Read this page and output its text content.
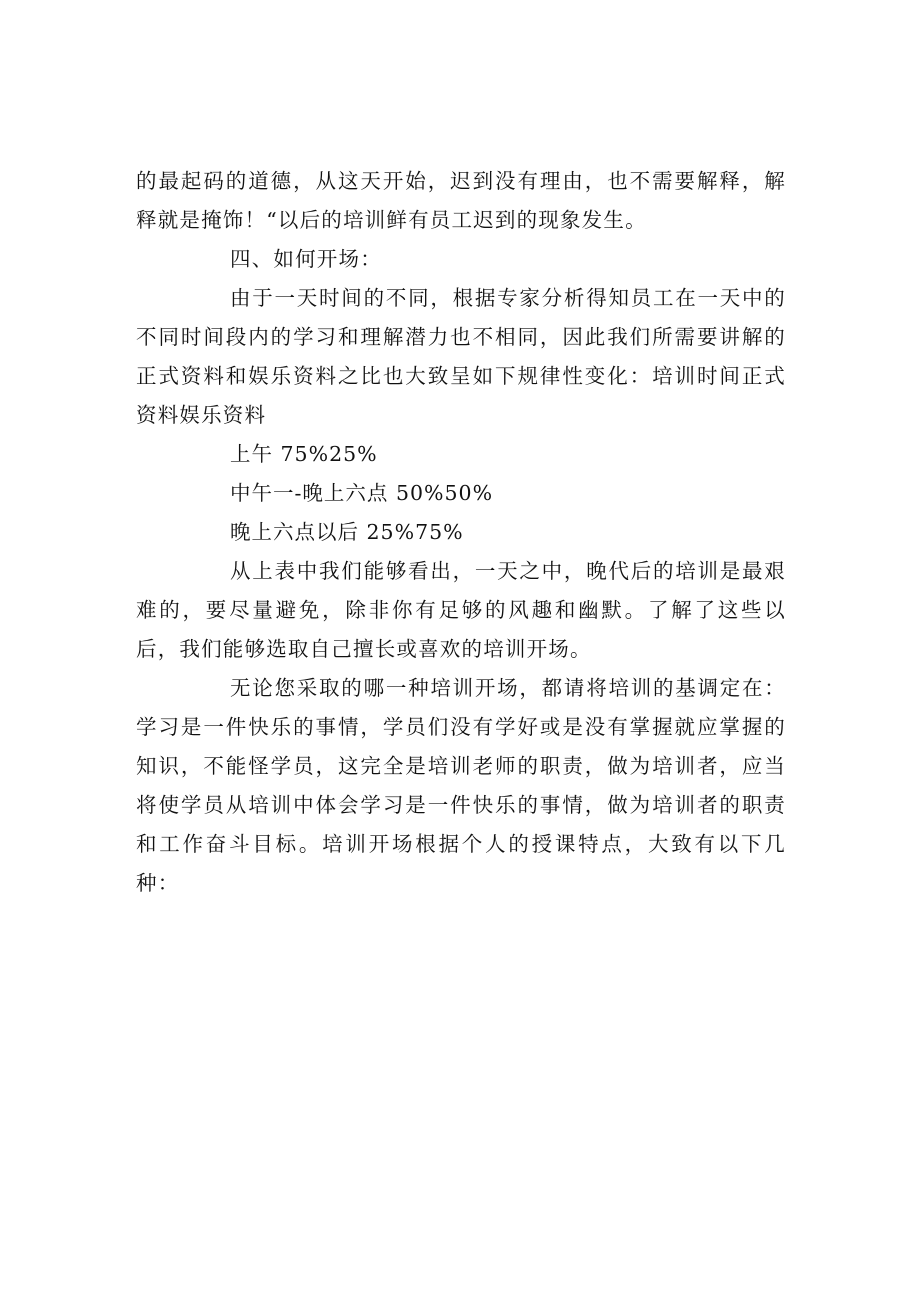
的最起码的道德，从这天开始，迟到没有理由，也不需要解释，解释就是掩饰！“以后的培训鲜有员工迟到的现象发生。

四、如何开场：

由于一天时间的不同，根据专家分析得知员工在一天中的不同时间段内的学习和理解潜力也不相同，因此我们所需要讲解的正式资料和娱乐资料之比也大致呈如下规律性变化：培训时间正式资料娱乐资料

上午 75%25%

中午一-晚上六点 50%50%

晚上六点以后 25%75%

从上表中我们能够看出，一天之中，晚代后的培训是最艰难的，要尽量避免，除非你有足够的风趣和幽默。了解了这些以后，我们能够选取自己擅长或喜欢的培训开场。

无论您采取的哪一种培训开场，都请将培训的基调定在：学习是一件快乐的事情，学员们没有学好或是没有掌握就应掌握的知识，不能怪学员，这完全是培训老师的职责，做为培训者，应当将使学员从培训中体会学习是一件快乐的事情，做为培训者的职责和工作奋斗目标。培训开场根据个人的授课特点，大致有以下几种：
